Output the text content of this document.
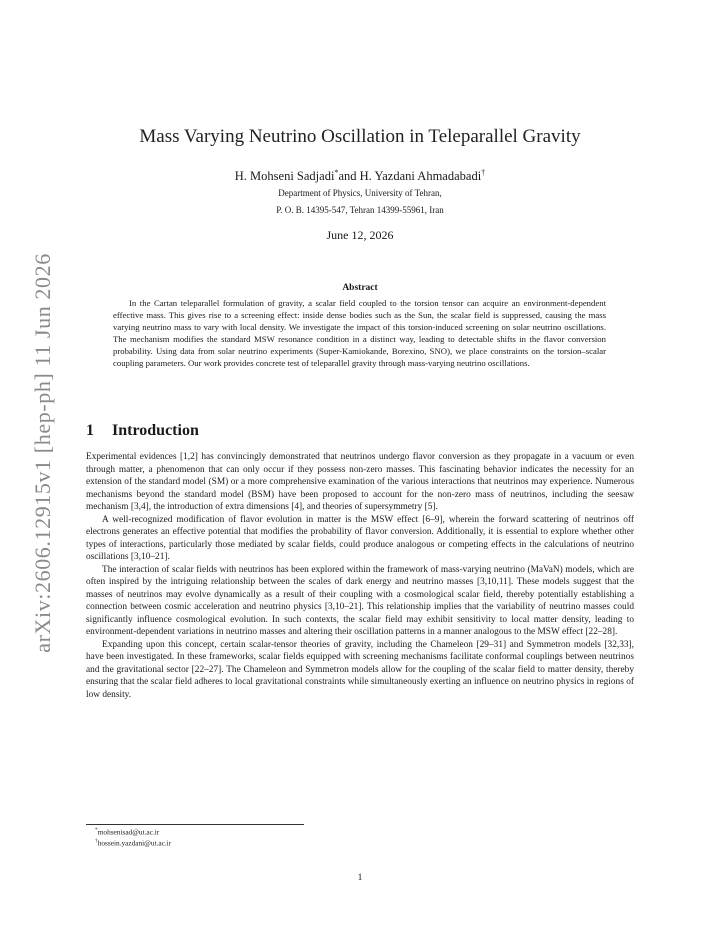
arXiv:2606.12915v1 [hep-ph] 11 Jun 2026
Mass Varying Neutrino Oscillation in Teleparallel Gravity
H. Mohseni Sadjadi*and H. Yazdani Ahmadabadi†
Department of Physics, University of Tehran,
P. O. B. 14395-547, Tehran 14399-55961, Iran
June 12, 2026
Abstract

In the Cartan teleparallel formulation of gravity, a scalar field coupled to the torsion tensor can acquire an environment-dependent effective mass. This gives rise to a screening effect: inside dense bodies such as the Sun, the scalar field is suppressed, causing the mass varying neutrino mass to vary with local density. We investigate the impact of this torsion-induced screening on solar neutrino oscillations. The mechanism modifies the standard MSW resonance condition in a distinct way, leading to detectable shifts in the flavor conversion probability. Using data from solar neutrino experiments (Super-Kamiokande, Borexino, SNO), we place constraints on the torsion–scalar coupling parameters. Our work provides concrete test of teleparallel gravity through mass-varying neutrino oscillations.

1 Introduction

Experimental evidences [1,2] has convincingly demonstrated that neutrinos undergo flavor conversion as they propagate in a vacuum or even through matter, a phenomenon that can only occur if they possess non-zero masses. This fascinating behavior indicates the necessity for an extension of the standard model (SM) or a more comprehensive examination of the various interactions that neutrinos may experience. Numerous mechanisms beyond the standard model (BSM) have been proposed to account for the non-zero mass of neutrinos, including the seesaw mechanism [3,4], the introduction of extra dimensions [4], and theories of supersymmetry [5].

A well-recognized modification of flavor evolution in matter is the MSW effect [6–9], wherein the forward scattering of neutrinos off electrons generates an effective potential that modifies the probability of flavor conversion. Additionally, it is essential to explore whether other types of interactions, particularly those mediated by scalar fields, could produce analogous or competing effects in the calculations of neutrino oscillations [3,10–21].

The interaction of scalar fields with neutrinos has been explored within the framework of mass-varying neutrino (MaVaN) models, which are often inspired by the intriguing relationship between the scales of dark energy and neutrino masses [3,10,11]. These models suggest that the masses of neutrinos may evolve dynamically as a result of their coupling with a cosmological scalar field, thereby potentially establishing a connection between cosmic acceleration and neutrino physics [3,10–21]. This relationship implies that the variability of neutrino masses could significantly influence cosmological evolution. In such contexts, the scalar field may exhibit sensitivity to local matter density, leading to environment-dependent variations in neutrino masses and altering their oscillation patterns in a manner analogous to the MSW effect [22–28].

Expanding upon this concept, certain scalar-tensor theories of gravity, including the Chameleon [29–31] and Symmetron models [32,33], have been investigated. In these frameworks, scalar fields equipped with screening mechanisms facilitate conformal couplings between neutrinos and the gravitational sector [22–27]. The Chameleon and Symmetron models allow for the coupling of the scalar field to matter density, thereby ensuring that the scalar field adheres to local gravitational constraints while simultaneously exerting an influence on neutrino physics in regions of low density.

*mohsenisad@ut.ac.ir
†hossein.yazdani@ut.ac.ir
1
